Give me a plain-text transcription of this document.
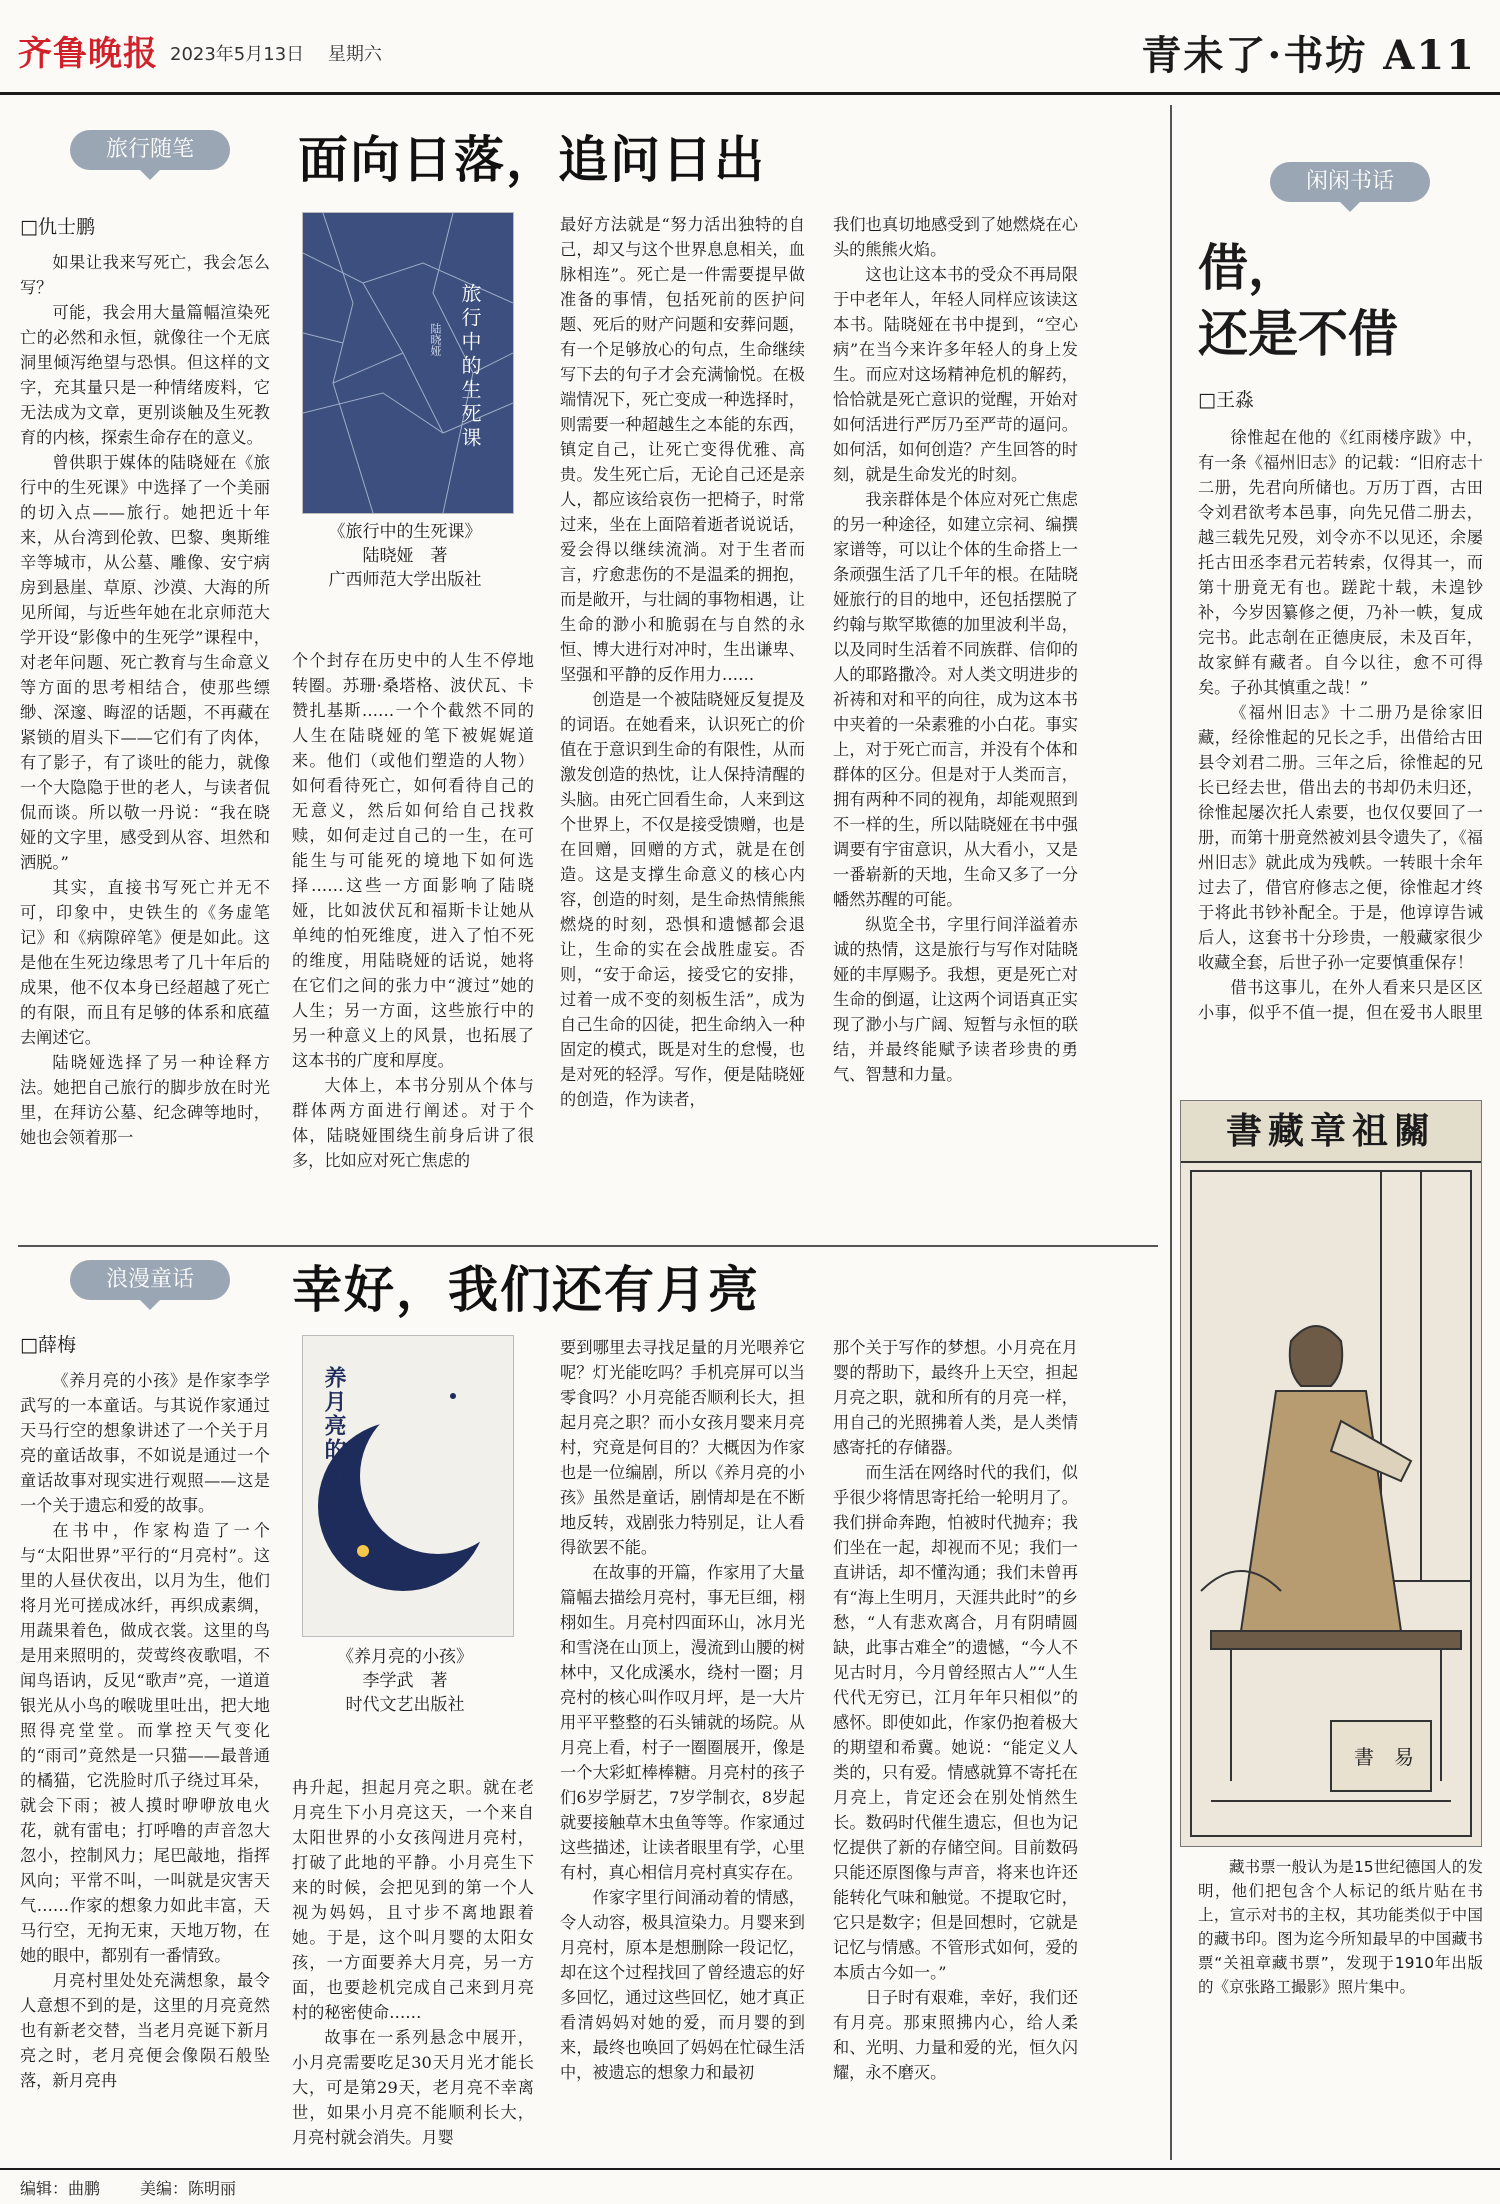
齐鲁晚报 2023年5月13日　 星期六	青未了·书坊 A11
旅行随笔	面向日落，追问日出
□仇士鹏

如果让我来写死亡，我会怎么写？

可能，我会用大量篇幅渲染死亡的必然和永恒，就像往一个无底洞里倾泻绝望与恐惧。但这样的文字，充其量只是一种情绪废料，它无法成为文章，更别谈触及生死教育的内核，探索生命存在的意义。

曾供职于媒体的陆晓娅在《旅行中的生死课》中选择了一个美丽的切入点——旅行。她把近十年来，从台湾到伦敦、巴黎、奥斯维辛等城市，从公墓、雕像、安宁病房到悬崖、草原、沙漠、大海的所见所闻，与近些年她在北京师范大学开设“影像中的生死学”课程中，对老年问题、死亡教育与生命意义等方面的思考相结合，使那些缥缈、深邃、晦涩的话题，不再藏在紧锁的眉头下——它们有了肉体，有了影子，有了谈吐的能力，就像一个大隐隐于世的老人，与读者侃侃而谈。所以敬一丹说：“我在晓娅的文字里，感受到从容、坦然和洒脱。”

其实，直接书写死亡并无不可，印象中，史铁生的《务虚笔记》和《病隙碎笔》便是如此。这是他在生死边缘思考了几十年后的成果，他不仅本身已经超越了死亡的有限，而且有足够的体系和底蕴去阐述它。

陆晓娅选择了另一种诠释方法。她把自己旅行的脚步放在时光里，在拜访公墓、纪念碑等地时，她也会领着那一

旅行中的生死课
陆晓娅
《旅行中的生死课》
陆晓娅　著
广西师范大学出版社

个个封存在历史中的人生不停地转圈。苏珊·桑塔格、波伏瓦、卡赞扎基斯……一个个截然不同的人生在陆晓娅的笔下被娓娓道来。他们（或他们塑造的人物）如何看待死亡，如何看待自己的无意义，然后如何给自己找救赎，如何走过自己的一生，在可能生与可能死的境地下如何选择……这些一方面影响了陆晓娅，比如波伏瓦和福斯卡让她从单纯的怕死维度，进入了怕不死的维度，用陆晓娅的话说，她将在它们之间的张力中“渡过”她的人生；另一方面，这些旅行中的另一种意义上的风景，也拓展了这本书的广度和厚度。

大体上，本书分别从个体与群体两方面进行阐述。对于个体，陆晓娅围绕生前身后讲了很多，比如应对死亡焦虑的

最好方法就是“努力活出独特的自己，却又与这个世界息息相关，血脉相连”。死亡是一件需要提早做准备的事情，包括死前的医护问题、死后的财产问题和安葬问题，有一个足够放心的句点，生命继续写下去的句子才会充满愉悦。在极端情况下，死亡变成一种选择时，则需要一种超越生之本能的东西，镇定自己，让死亡变得优雅、高贵。发生死亡后，无论自己还是亲人，都应该给哀伤一把椅子，时常过来，坐在上面陪着逝者说说话，爱会得以继续流淌。对于生者而言，疗愈悲伤的不是温柔的拥抱，而是敞开，与壮阔的事物相遇，让生命的渺小和脆弱在与自然的永恒、博大进行对冲时，生出谦卑、坚强和平静的反作用力……

创造是一个被陆晓娅反复提及的词语。在她看来，认识死亡的价值在于意识到生命的有限性，从而激发创造的热忱，让人保持清醒的头脑。由死亡回看生命，人来到这个世界上，不仅是接受馈赠，也是在回赠，回赠的方式，就是在创造。这是支撑生命意义的核心内容，创造的时刻，是生命热情熊熊燃烧的时刻，恐惧和遗憾都会退让，生命的实在会战胜虚妄。否则，“安于命运，接受它的安排，过着一成不变的刻板生活”，成为自己生命的囚徒，把生命纳入一种固定的模式，既是对生的怠慢，也是对死的轻浮。写作，便是陆晓娅的创造，作为读者，

我们也真切地感受到了她燃烧在心头的熊熊火焰。

这也让这本书的受众不再局限于中老年人，年轻人同样应该读这本书。陆晓娅在书中提到，“空心病”在当今来许多年轻人的身上发生。而应对这场精神危机的解药，恰恰就是死亡意识的觉醒，开始对如何活进行严厉乃至严苛的逼问。如何活，如何创造？产生回答的时刻，就是生命发光的时刻。

我亲群体是个体应对死亡焦虑的另一种途径，如建立宗祠、编撰家谱等，可以让个体的生命搭上一条顽强生活了几千年的根。在陆晓娅旅行的目的地中，还包括摆脱了约翰与欺罕欺德的加里波利半岛，以及同时生活着不同族群、信仰的人的耶路撒冷。对人类文明进步的祈祷和对和平的向往，成为这本书中夹着的一朵素雅的小白花。事实上，对于死亡而言，并没有个体和群体的区分。但是对于人类而言，拥有两种不同的视角，却能观照到不一样的生，所以陆晓娅在书中强调要有宇宙意识，从大看小，又是一番崭新的天地，生命又多了一分幡然苏醒的可能。

纵览全书，字里行间洋溢着赤诚的热情，这是旅行与写作对陆晓娅的丰厚赐予。我想，更是死亡对生命的倒逼，让这两个词语真正实现了渺小与广阔、短暂与永恒的联结，并最终能赋予读者珍贵的勇气、智慧和力量。

浪漫童话	幸好，我们还有月亮
□薛梅

《养月亮的小孩》是作家李学武写的一本童话。与其说作家通过天马行空的想象讲述了一个关于月亮的童话故事，不如说是通过一个童话故事对现实进行观照——这是一个关于遗忘和爱的故事。

在书中，作家构造了一个与“太阳世界”平行的“月亮村”。这里的人昼伏夜出，以月为生，他们将月光可搓成冰纤，再织成素绸，用蔬果着色，做成衣裳。这里的鸟是用来照明的，荧莺终夜歌唱，不闻鸟语讷，反见“歌声”亮，一道道银光从小鸟的喉咙里吐出，把大地照得亮堂堂。而掌控天气变化的“雨司”竟然是一只猫——最普通的橘猫，它洗脸时爪子绕过耳朵，就会下雨；被人摸时咿咿放电火花，就有雷电；打呼噜的声音忽大忽小，控制风力；尾巴敲地，指挥风向；平常不叫，一叫就是灾害天气……作家的想象力如此丰富，天马行空，无拘无束，天地万物，在她的眼中，都别有一番情致。

月亮村里处处充满想象，最令人意想不到的是，这里的月亮竟然也有新老交替，当老月亮诞下新月亮之时，老月亮便会像陨石般坠落，新月亮冉

养月亮的小孩
《养月亮的小孩》
李学武　著
时代文艺出版社

冉升起，担起月亮之职。就在老月亮生下小月亮这天，一个来自太阳世界的小女孩闯进月亮村，打破了此地的平静。小月亮生下来的时候，会把见到的第一个人视为妈妈，且寸步不离地跟着她。于是，这个叫月婴的太阳女孩，一方面要养大月亮，另一方面，也要趁机完成自己来到月亮村的秘密使命……

故事在一系列悬念中展开，小月亮需要吃足30天月光才能长大，可是第29天，老月亮不幸离世，如果小月亮不能顺利长大，月亮村就会消失。月婴

要到哪里去寻找足量的月光喂养它呢？灯光能吃吗？手机亮屏可以当零食吗？小月亮能否顺利长大，担起月亮之职？而小女孩月婴来月亮村，究竟是何目的？大概因为作家也是一位编剧，所以《养月亮的小孩》虽然是童话，剧情却是在不断地反转，戏剧张力特别足，让人看得欲罢不能。

在故事的开篇，作家用了大量篇幅去描绘月亮村，事无巨细，栩栩如生。月亮村四面环山，冰月光和雪浇在山顶上，漫流到山腰的树林中，又化成溪水，绕村一圈；月亮村的核心叫作叹月坪，是一大片用平平整整的石头铺就的场院。从月亮上看，村子一圈圈展开，像是一个大彩虹棒棒糖。月亮村的孩子们6岁学厨艺，7岁学制衣，8岁起就要接触草木虫鱼等等。作家通过这些描述，让读者眼里有学，心里有村，真心相信月亮村真实存在。

作家字里行间涌动着的情感，令人动容，极具渲染力。月婴来到月亮村，原本是想删除一段记忆，却在这个过程找回了曾经遗忘的好多回忆，通过这些回忆，她才真正看清妈妈对她的爱，而月婴的到来，最终也唤回了妈妈在忙碌生活中，被遗忘的想象力和最初

那个关于写作的梦想。小月亮在月婴的帮助下，最终升上天空，担起月亮之职，就和所有的月亮一样，用自己的光照拂着人类，是人类情感寄托的存储器。

而生活在网络时代的我们，似乎很少将情思寄托给一轮明月了。我们拼命奔跑，怕被时代抛弃；我们坐在一起，却视而不见；我们一直讲话，却不懂沟通；我们未曾再有“海上生明月，天涯共此时”的乡愁，“人有悲欢离合，月有阴晴圆缺，此事古难全”的遗憾，“今人不见古时月，今月曾经照古人”“人生代代无穷已，江月年年只相似”的感怀。即使如此，作家仍抱着极大的期望和希冀。她说：“能定义人类的，只有爱。情感就算不寄托在月亮上，肯定还会在别处悄然生长。数码时代催生遗忘，但也为记忆提供了新的存储空间。目前数码只能还原图像与声音，将来也许还能转化气味和触觉。不提取它时，它只是数字；但是回想时，它就是记忆与情感。不管形式如何，爱的本质古今如一。”

日子时有艰难，幸好，我们还有月亮。那束照拂内心，给人柔和、光明、力量和爱的光，恒久闪耀，永不磨灭。

闲闲书话
借，
还是不借
□王淼

徐惟起在他的《红雨楼序跋》中，有一条《福州旧志》的记载：“旧府志十二册，先君向所储也。万历丁酉，古田令刘君欲考本邑事，向先兄借二册去，越三载先兄殁，刘令亦不以见还，余屡托古田丞李君元若转索，仅得其一，而第十册竟无有也。蹉跎十载，未遑钞补，今岁因纂修之便，乃补一帙，复成完书。此志剞在正德庚辰，未及百年，故家鲜有藏者。自今以往，愈不可得矣。子孙其慎重之哉！”

《福州旧志》十二册乃是徐家旧藏，经徐惟起的兄长之手，出借给古田县令刘君二册。三年之后，徐惟起的兄长已经去世，借出去的书却仍未归还，徐惟起屡次托人索要，也仅仅要回了一册，而第十册竟然被刘县令遗失了，《福州旧志》就此成为残帙。一转眼十余年过去了，借官府修志之便，徐惟起才终于将此书钞补配全。于是，他谆谆告诫后人，这套书十分珍贵，一般藏家很少收藏全套，后世子孙一定要慎重保存！

借书这事儿，在外人看来只是区区小事，似乎不值一提，但在爱书人眼里

關祖章藏書
書　易

藏书票一般认为是15世纪德国人的发明，他们把包含个人标记的纸片贴在书上，宣示对书的主权，其功能类似于中国的藏书印。图为迄今所知最早的中国藏书票“关祖章藏书票”，发现于1910年出版的《京张路工撮影》照片集中。

编辑：曲鹏 美编：陈明丽
